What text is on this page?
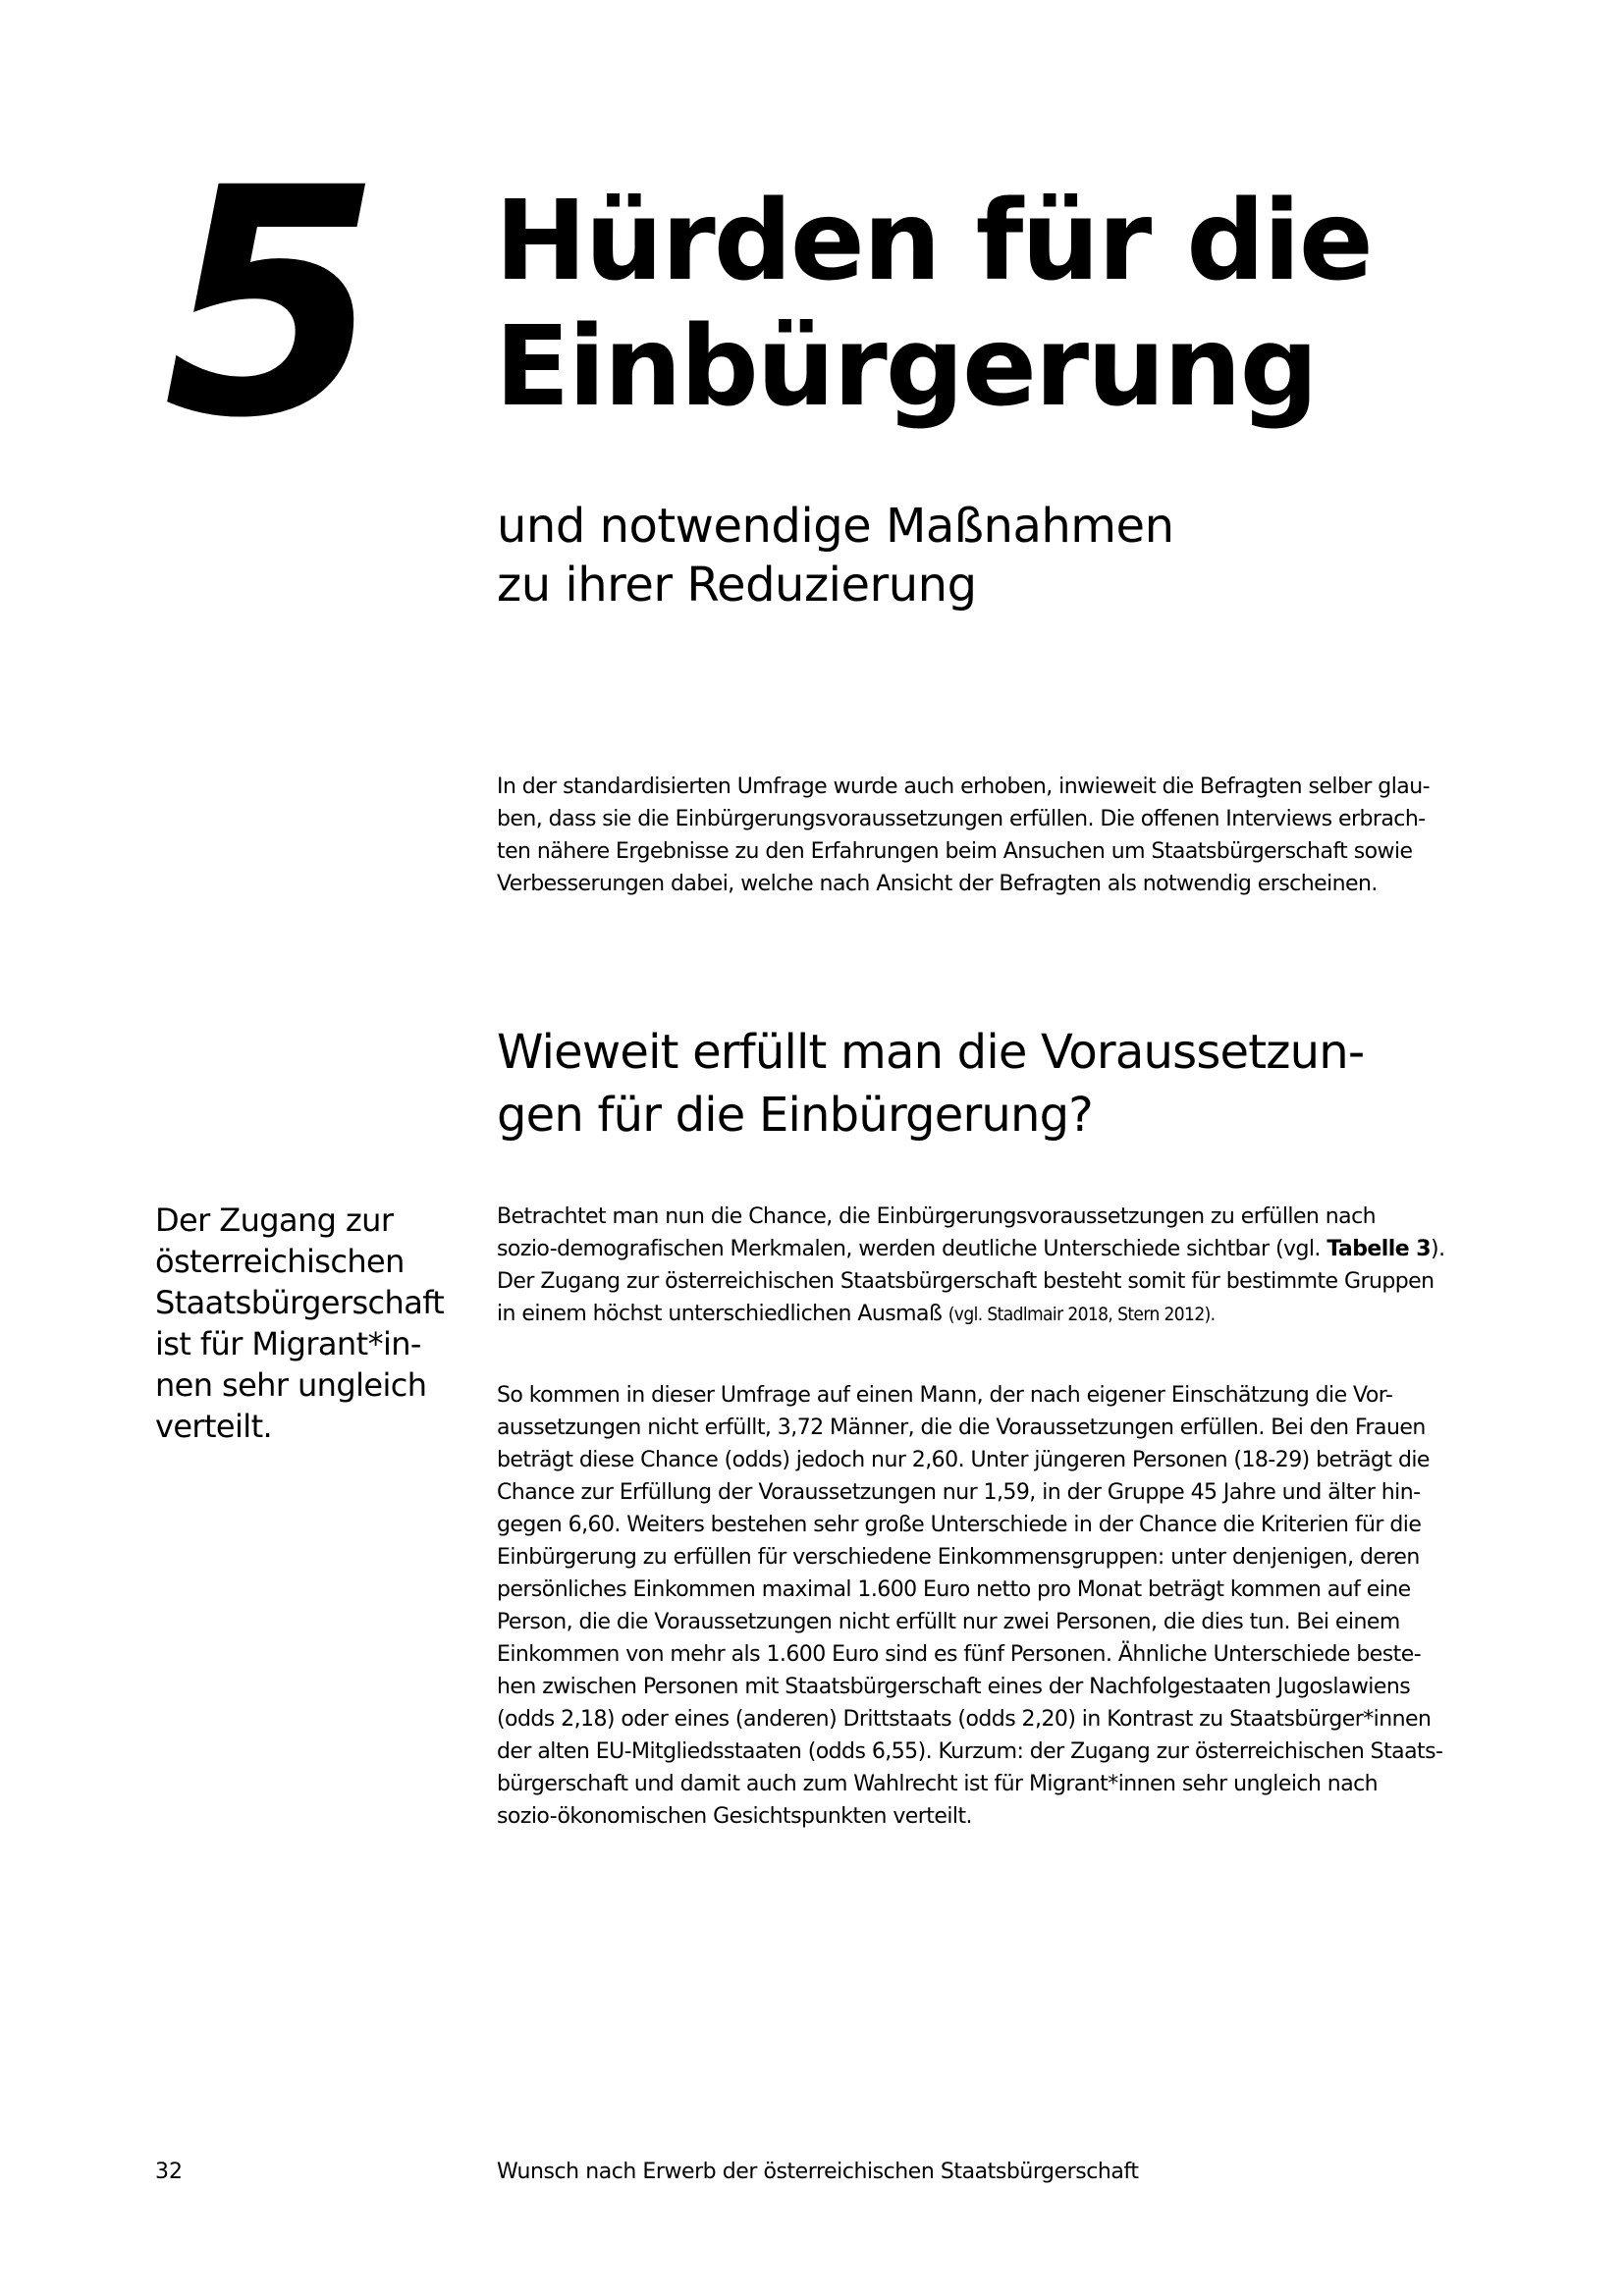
5 Hürden für die
Einbürgerung
und notwendige Maßnahmen
zu ihrer Reduzierung

In der standardisierten Umfrage wurde auch erhoben, inwieweit die Befragten selber glau-
ben, dass sie die Einbürgerungsvoraussetzungen erfüllen. Die offenen Interviews erbrach-
ten nähere Ergebnisse zu den Erfahrungen beim Ansuchen um Staatsbürgerschaft sowie
Verbesserungen dabei, welche nach Ansicht der Befragten als notwendig erscheinen.

Wieweit erfüllt man die Voraussetzun-
gen für die Einbürgerung?
Der Zugang zur
österreichischen
Staatsbürgerschaft
ist für Migrant*in-
nen sehr ungleich
verteilt.

Betrachtet man nun die Chance, die Einbürgerungsvoraussetzungen zu erfüllen nach
sozio-demografischen Merkmalen, werden deutliche Unterschiede sichtbar (vgl. Tabelle 3).
Der Zugang zur österreichischen Staatsbürgerschaft besteht somit für bestimmte Gruppen
in einem höchst unterschiedlichen Ausmaß (vgl. Stadlmair 2018, Stern 2012).

So kommen in dieser Umfrage auf einen Mann, der nach eigener Einschätzung die Vor-
aussetzungen nicht erfüllt, 3,72 Männer, die die Voraussetzungen erfüllen. Bei den Frauen
beträgt diese Chance (odds) jedoch nur 2,60. Unter jüngeren Personen (18-29) beträgt die
Chance zur Erfüllung der Voraussetzungen nur 1,59, in der Gruppe 45 Jahre und älter hin-
gegen 6,60. Weiters bestehen sehr große Unterschiede in der Chance die Kriterien für die
Einbürgerung zu erfüllen für verschiedene Einkommensgruppen: unter denjenigen, deren
persönliches Einkommen maximal 1.600 Euro netto pro Monat beträgt kommen auf eine
Person, die die Voraussetzungen nicht erfüllt nur zwei Personen, die dies tun. Bei einem
Einkommen von mehr als 1.600 Euro sind es fünf Personen. Ähnliche Unterschiede beste-
hen zwischen Personen mit Staatsbürgerschaft eines der Nachfolgestaaten Jugoslawiens
(odds 2,18) oder eines (anderen) Drittstaats (odds 2,20) in Kontrast zu Staatsbürger*innen
der alten EU-Mitgliedsstaaten (odds 6,55). Kurzum: der Zugang zur österreichischen Staats-
bürgerschaft und damit auch zum Wahlrecht ist für Migrant*innen sehr ungleich nach
sozio-ökonomischen Gesichtspunkten verteilt.

32	Wunsch nach Erwerb der österreichischen Staatsbürgerschaft
